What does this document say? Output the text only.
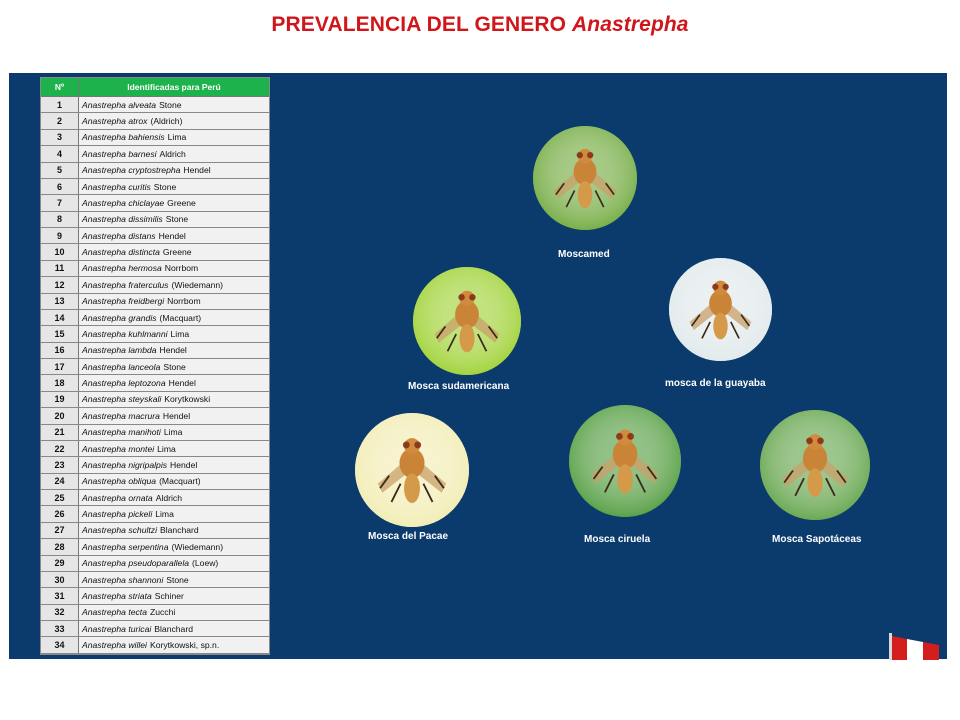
PREVALENCIA DEL GENERO Anastrepha
Nº	Identificadas para Perú
1	Anastrepha alveata Stone
2	Anastrepha atrox (Aldrich)
3	Anastrepha bahiensis Lima
4	Anastrepha barnesi Aldrich
5	Anastrepha cryptostrepha Hendel
6	Anastrepha curitis Stone
7	Anastrepha chiclayae Greene
8	Anastrepha dissimilis Stone
9	Anastrepha distans Hendel
10	Anastrepha distincta Greene
11	Anastrepha hermosa Norrbom
12	Anastrepha fraterculus (Wiedemann)
13	Anastrepha freidbergi Norrbom
14	Anastrepha grandis (Macquart)
15	Anastrepha kuhlmanni Lima
16	Anastrepha lambda Hendel
17	Anastrepha lanceola Stone
18	Anastrepha leptozona Hendel
19	Anastrepha steyskali Korytkowski
20	Anastrepha macrura Hendel
21	Anastrepha manihoti Lima
22	Anastrepha montei Lima
23	Anastrepha nigripalpis Hendel
24	Anastrepha obliqua (Macquart)
25	Anastrepha ornata Aldrich
26	Anastrepha pickeli Lima
27	Anastrepha schultzi Blanchard
28	Anastrepha serpentina (Wiedemann)
29	Anastrepha pseudoparallela (Loew)
30	Anastrepha shannoni Stone
31	Anastrepha striata Schiner
32	Anastrepha tecta Zucchi
33	Anastrepha turicai Blanchard
34	Anastrepha willei Korytkowski, sp.n.
Moscamed
Mosca sudamericana	mosca de la guayaba
Mosca del Pacae	Mosca ciruela	Mosca Sapotáceas
